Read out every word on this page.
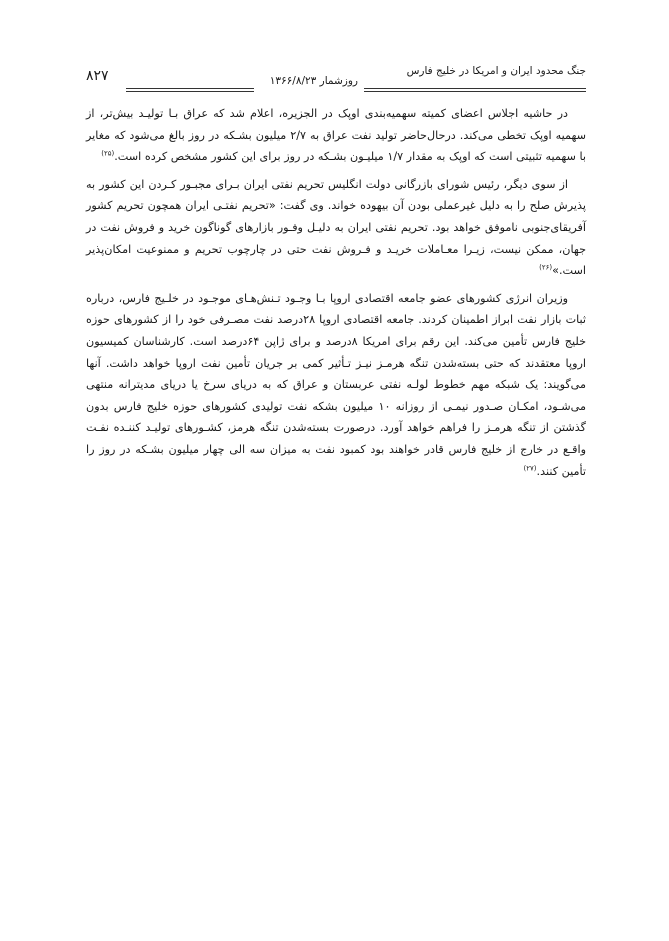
جنگ محدود ایران و امریکا در خلیج فارس
روزشمار ۱۳۶۶/۸/۲۳
۸۲۷

در حاشیه اجلاس اعضای کمیته سهمیه‌بندی اوپک در الجزیره، اعلام شد که عراق بـا تولیـد بیش‌تر، از سهمیه اوپک تخطی می‌کند. درحال‌حاضر تولید نفت عراق به ۲/۷ میلیون بشـکه در روز بالغ می‌شود که مغایر با سهمیه تثبیتی است که اوپک به مقدار ۱/۷ میلیـون بشـکه در روز برای این کشور مشخص کرده است.$^{(۲۵)}$

از سوی دیگر، رئیس شورای بازرگانی دولت انگلیس تحریم نفتی ایران بـرای مجبـور کـردن این کشور به پذیرش صلح را به دلیل غیرعملی بودن آن بیهوده خواند. وی گفت: «تحریم نفتـی ایران همچون تحریم کشور آفریقای‌جنوبی ناموفق خواهد بود. تحریم نفتی ایران به دلیـل وفـور بازارهای گوناگون خرید و فروش نفت در جهان، ممکن نیست، زیـرا معـاملات خریـد و فـروش نفت حتی در چارچوب تحریم و ممنوعیت امکان‌پذیر است.»$^{(۲۶)}$

وزیران انرژی کشورهای عضو جامعه اقتصادی اروپا بـا وجـود تـنش‌هـای موجـود در خلـیج فارس، درباره ثبات بازار نفت ابراز اطمینان کردند. جامعه اقتصادی اروپا ۲۸درصد نفت مصـرفی خود را از کشورهای حوزه خلیج فارس تأمین می‌کند. این رقم برای امریکا ۸درصد و برای ژاپن ۶۴درصد است. کارشناسان کمیسیون اروپا معتقدند که حتی بسته‌شدن تنگه هرمـز نیـز تـأثیر کمی بر جریان تأمین نفت اروپا خواهد داشت. آنها می‌گویند: یک شبکه مهم خطوط لولـه نفتی عربستان و عراق که به دریای سرخ یا دریای مدیترانه منتهی می‌شـود، امکـان صـدور نیمـی از روزانه ۱۰ میلیون بشکه نفت تولیدی کشورهای حوزه خلیج فارس بدون گذشتن از تنگه هرمـز را فراهم خواهد آورد. درصورت بسته‌شدن تنگه هرمز، کشـورهای تولیـد کننـده نفـت واقـع در خارج از خلیج فارس قادر خواهند بود کمبود نفت به میزان سه الی چهار میلیون بشـکه در روز را تأمین کنند.$^{(۲۷)}$
